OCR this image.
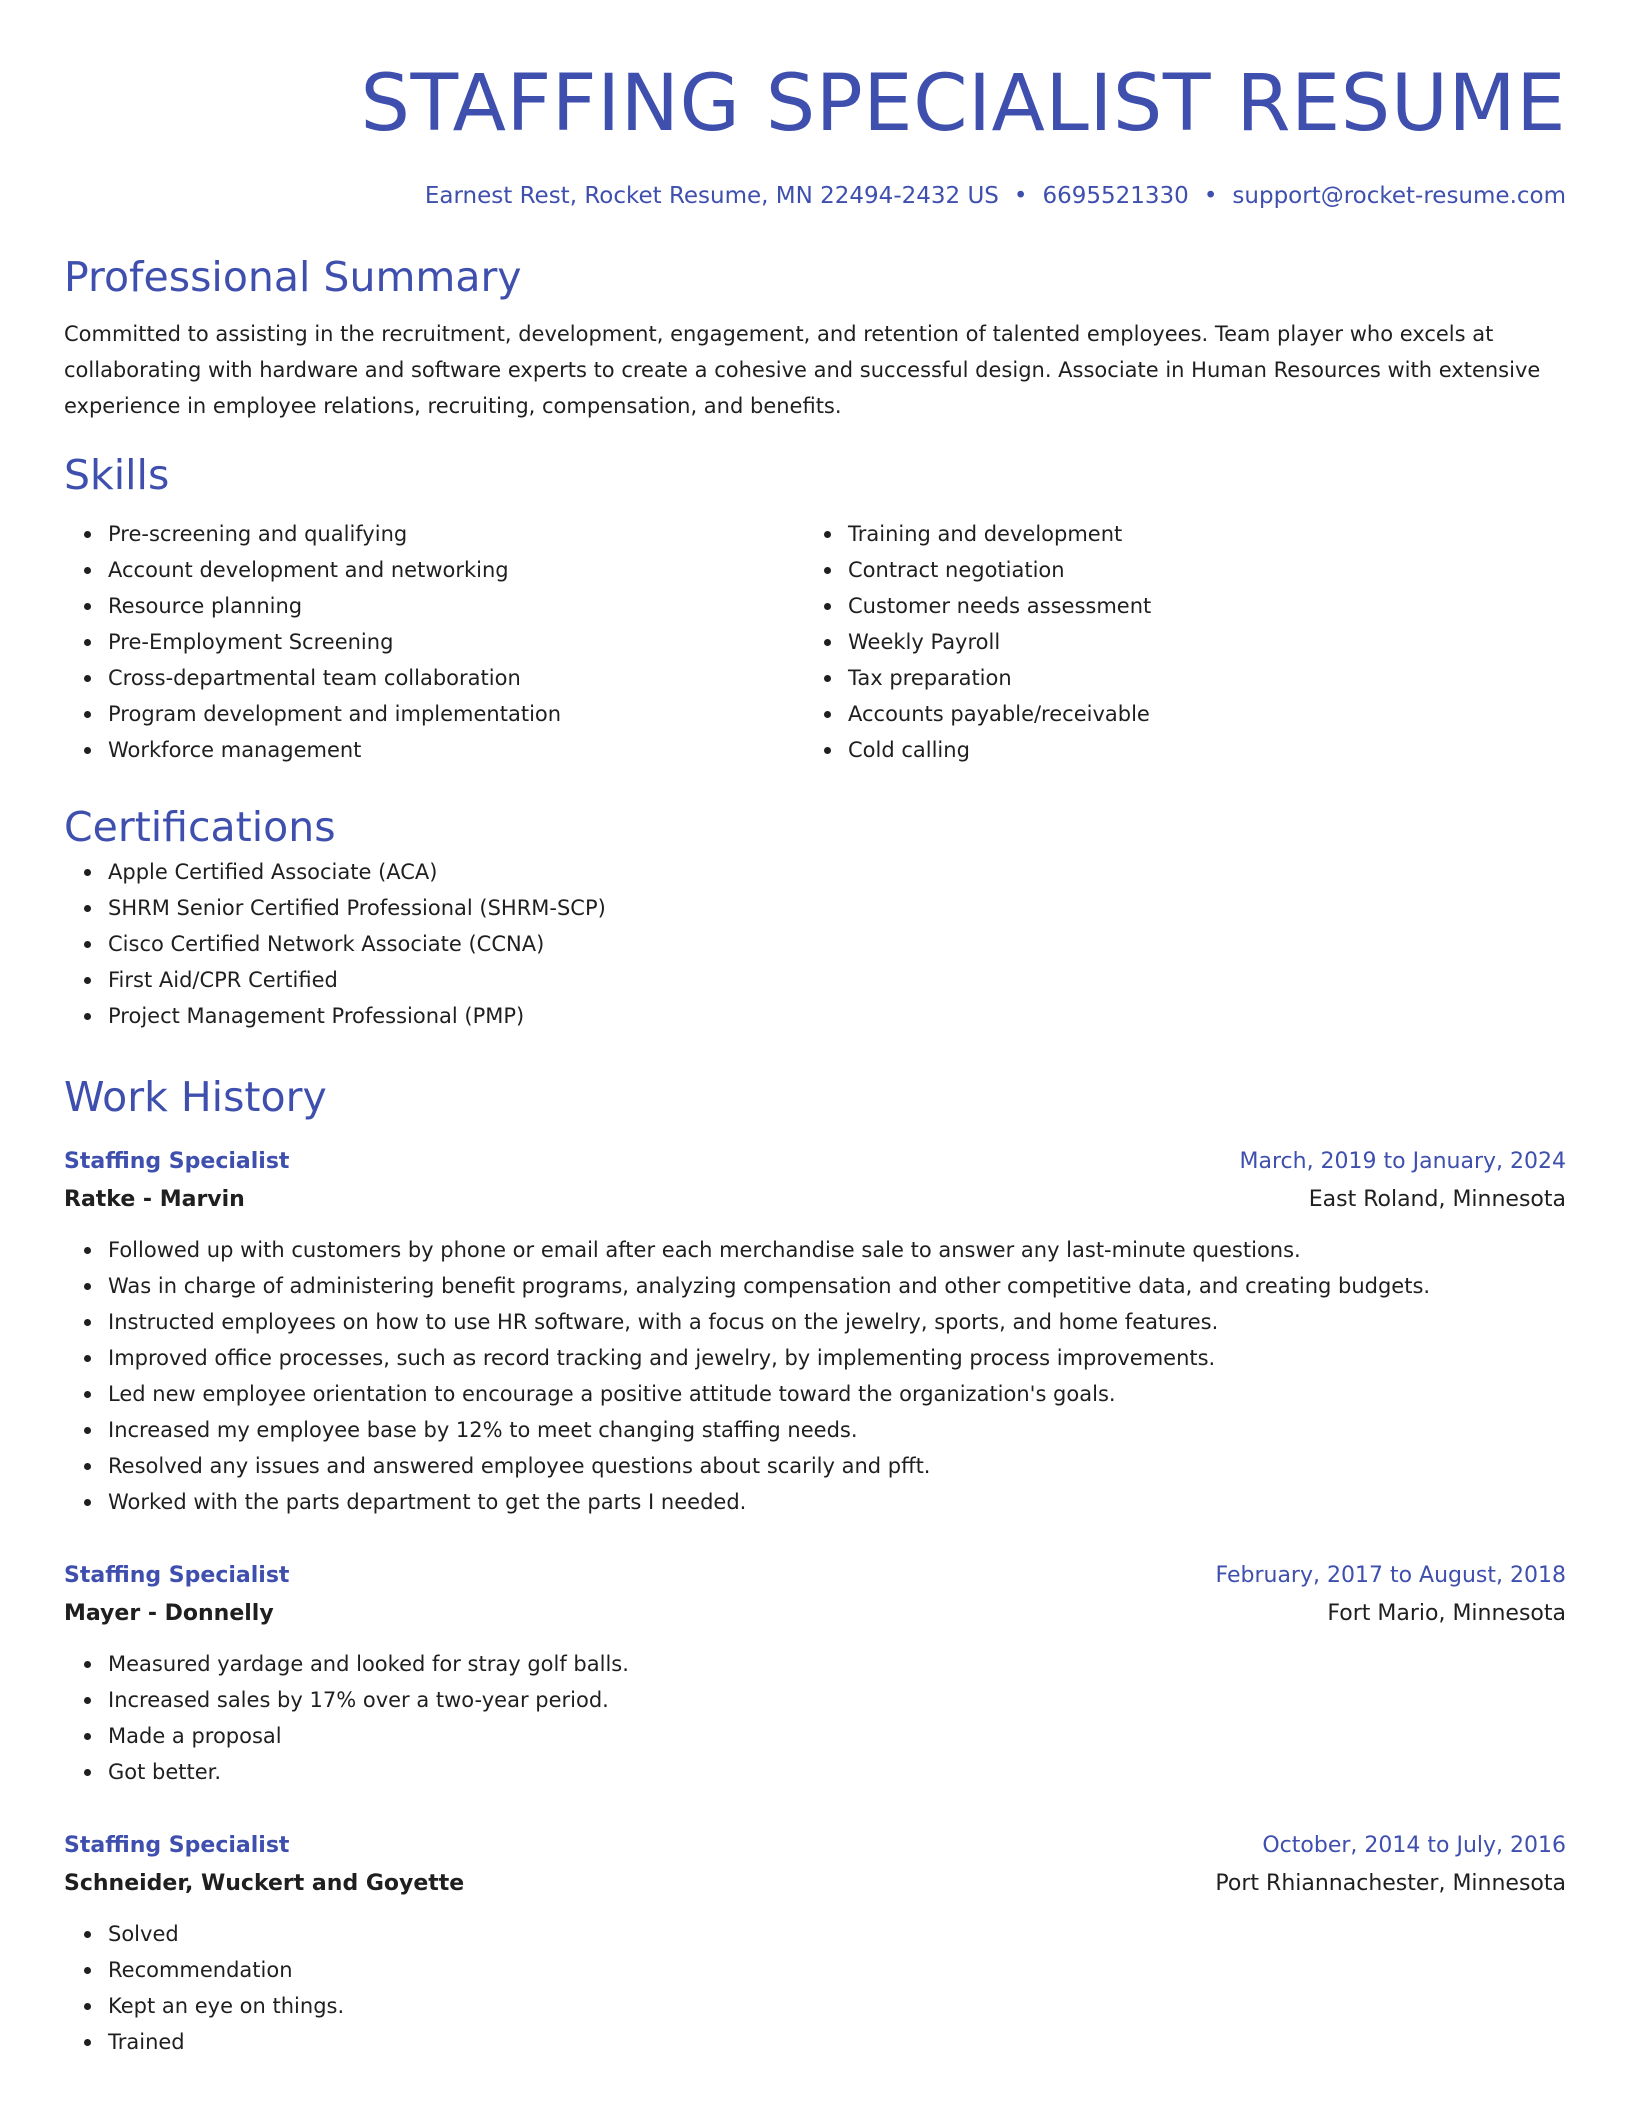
STAFFING SPECIALIST RESUME
Earnest Rest, Rocket Resume, MN 22494-2432 US • 6695521330 • support@rocket-resume.com
Professional Summary

Committed to assisting in the recruitment, development, engagement, and retention of talented employees. Team player who excels at collaborating with hardware and software experts to create a cohesive and successful design. Associate in Human Resources with extensive experience in employee relations, recruiting, compensation, and benefits.

Skills
Pre-screening and qualifying
Account development and networking
Resource planning
Pre-Employment Screening
Cross-departmental team collaboration
Program development and implementation
Workforce management
Training and development
Contract negotiation
Customer needs assessment
Weekly Payroll
Tax preparation
Accounts payable/receivable
Cold calling
Certifications
Apple Certified Associate (ACA)
SHRM Senior Certified Professional (SHRM-SCP)
Cisco Certified Network Associate (CCNA)
First Aid/CPR Certified
Project Management Professional (PMP)
Work History
Staffing Specialist	March, 2019 to January, 2024
Ratke - Marvin	East Roland, Minnesota
Followed up with customers by phone or email after each merchandise sale to answer any last-minute questions.
Was in charge of administering benefit programs, analyzing compensation and other competitive data, and creating budgets.
Instructed employees on how to use HR software, with a focus on the jewelry, sports, and home features.
Improved office processes, such as record tracking and jewelry, by implementing process improvements.
Led new employee orientation to encourage a positive attitude toward the organization's goals.
Increased my employee base by 12% to meet changing staffing needs.
Resolved any issues and answered employee questions about scarily and pfft.
Worked with the parts department to get the parts I needed.
Staffing Specialist	February, 2017 to August, 2018
Mayer - Donnelly	Fort Mario, Minnesota
Measured yardage and looked for stray golf balls.
Increased sales by 17% over a two-year period.
Made a proposal
Got better.
Staffing Specialist	October, 2014 to July, 2016
Schneider, Wuckert and Goyette	Port Rhiannachester, Minnesota
Solved
Recommendation
Kept an eye on things.
Trained
